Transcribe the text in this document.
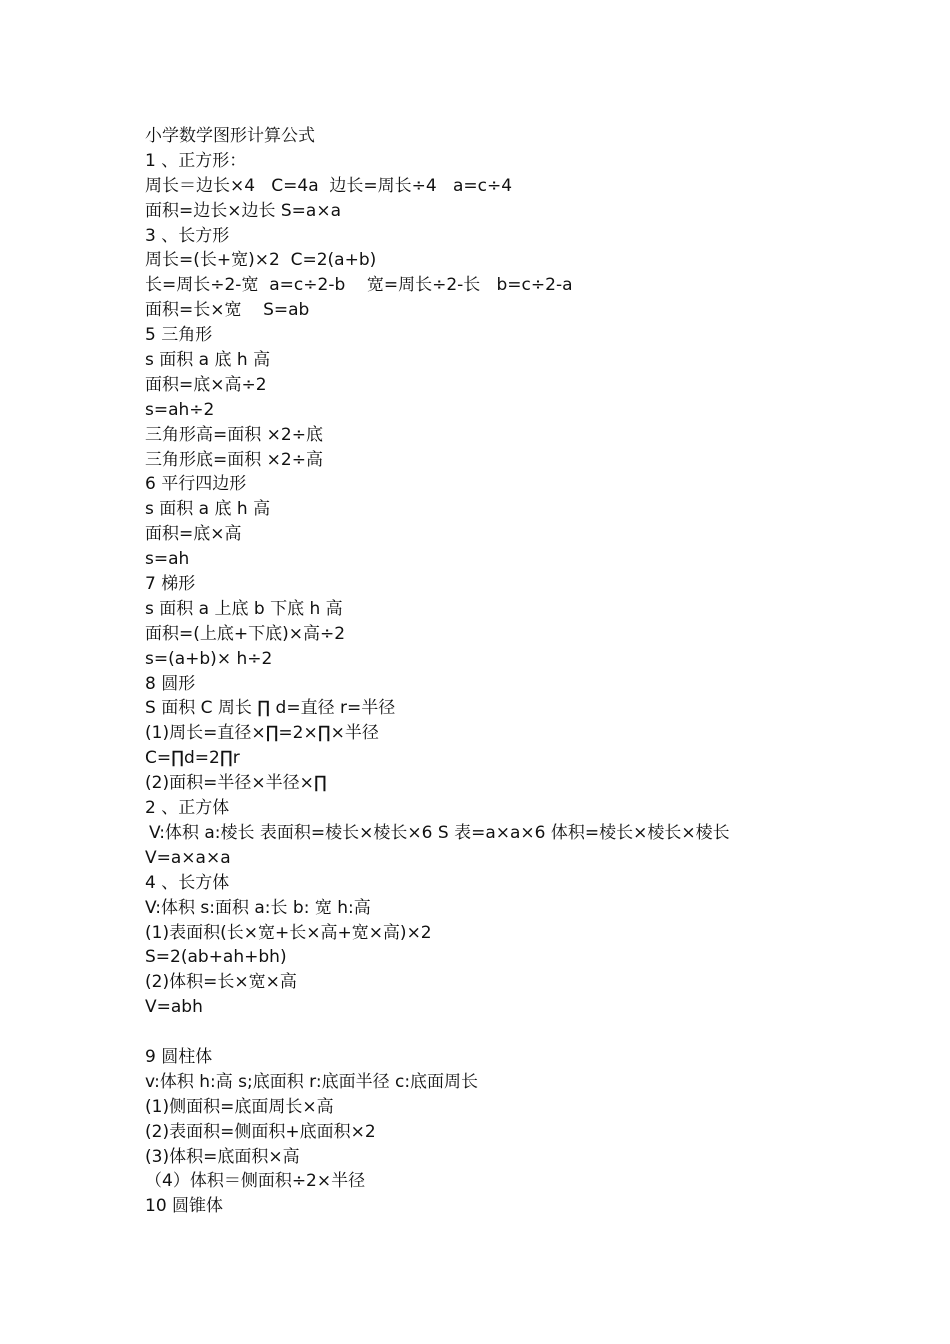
小学数学图形计算公式
1 、正方形：
周长＝边长×4   C=4a  边长=周长÷4   a=c÷4
面积=边长×边长 S=a×a
3 、长方形
周长=(长+宽)×2  C=2(a+b)
长=周长÷2-宽  a=c÷2-b    宽=周长÷2-长   b=c÷2-a
面积=长×宽    S=ab
5 三角形
s 面积 a 底 h 高
面积=底×高÷2
s=ah÷2
三角形高=面积 ×2÷底
三角形底=面积 ×2÷高
6 平行四边形
s 面积 a 底 h 高
面积=底×高
s=ah
7 梯形
s 面积 a 上底 b 下底 h 高
面积=(上底+下底)×高÷2
s=(a+b)× h÷2
8 圆形
S 面积 C 周长 ∏ d=直径 r=半径
(1)周长=直径×∏=2×∏×半径
C=∏d=2∏r
(2)面积=半径×半径×∏
2 、正方体
V:体积 a:棱长 表面积=棱长×棱长×6 S 表=a×a×6 体积=棱长×棱长×棱长
V=a×a×a
4 、长方体
V:体积 s:面积 a:长 b: 宽 h:高
(1)表面积(长×宽+长×高+宽×高)×2
S=2(ab+ah+bh)
(2)体积=长×宽×高
V=abh
9 圆柱体
v:体积 h:高 s;底面积 r:底面半径 c:底面周长
(1)侧面积=底面周长×高
(2)表面积=侧面积+底面积×2
(3)体积=底面积×高
（4）体积＝侧面积÷2×半径
10 圆锥体
